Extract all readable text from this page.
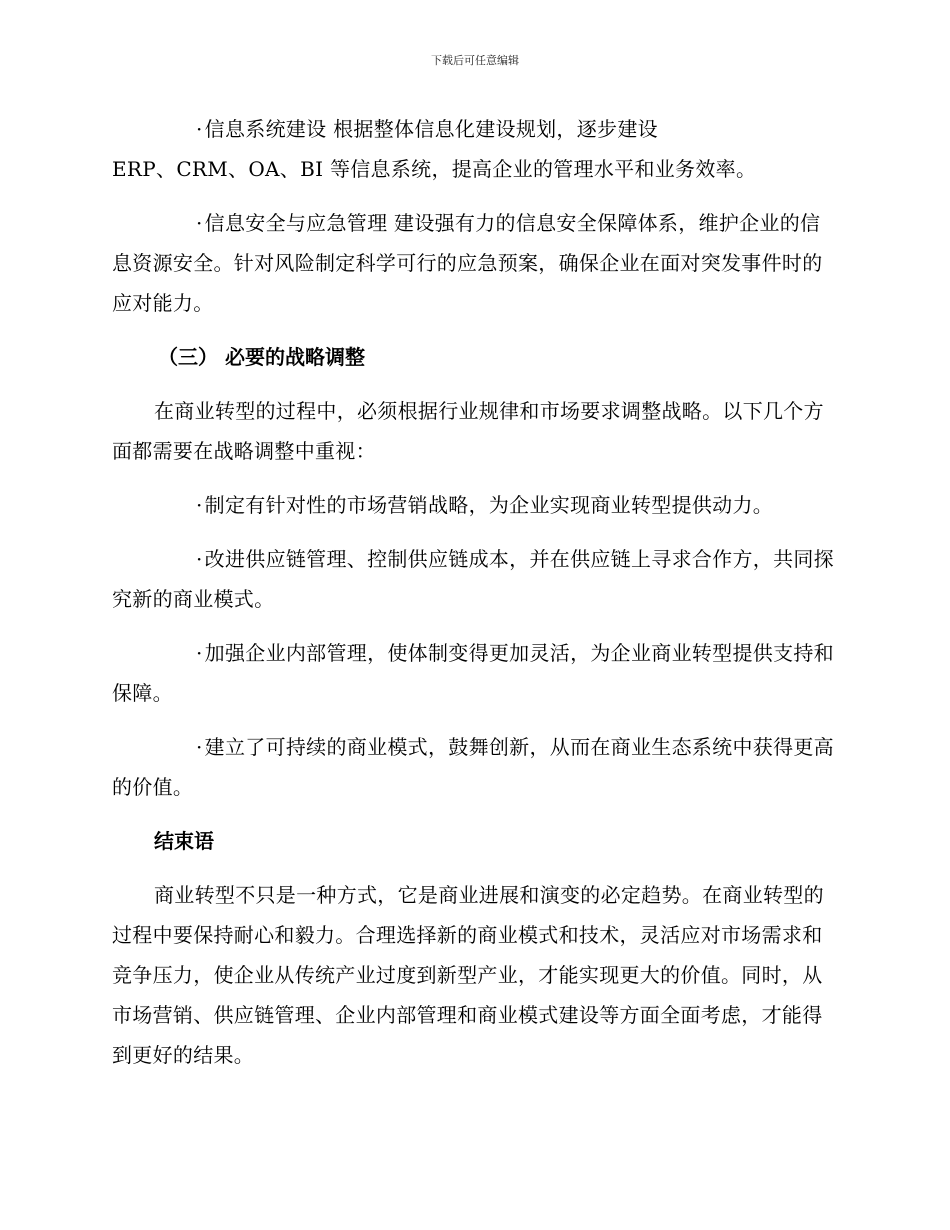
下载后可任意编辑

· 信息系统建设 根据整体信息化建设规划，逐步建设
ERP、CRM、OA、BI 等信息系统，提高企业的管理水平和业务效率。

· 信息安全与应急管理 建设强有力的信息安全保障体系，维护企业的信息资源安全。针对风险制定科学可行的应急预案，确保企业在面对突发事件时的应对能力。

（三） 必要的战略调整

在商业转型的过程中，必须根据行业规律和市场要求调整战略。以下几个方面都需要在战略调整中重视：

· 制定有针对性的市场营销战略，为企业实现商业转型提供动力。

· 改进供应链管理、控制供应链成本，并在供应链上寻求合作方，共同探究新的商业模式。

· 加强企业内部管理，使体制变得更加灵活，为企业商业转型提供支持和保障。

· 建立了可持续的商业模式，鼓舞创新，从而在商业生态系统中获得更高的价值。

结束语

商业转型不只是一种方式，它是商业进展和演变的必定趋势。在商业转型的过程中要保持耐心和毅力。合理选择新的商业模式和技术，灵活应对市场需求和竞争压力，使企业从传统产业过度到新型产业，才能实现更大的价值。同时，从市场营销、供应链管理、企业内部管理和商业模式建设等方面全面考虑，才能得到更好的结果。
